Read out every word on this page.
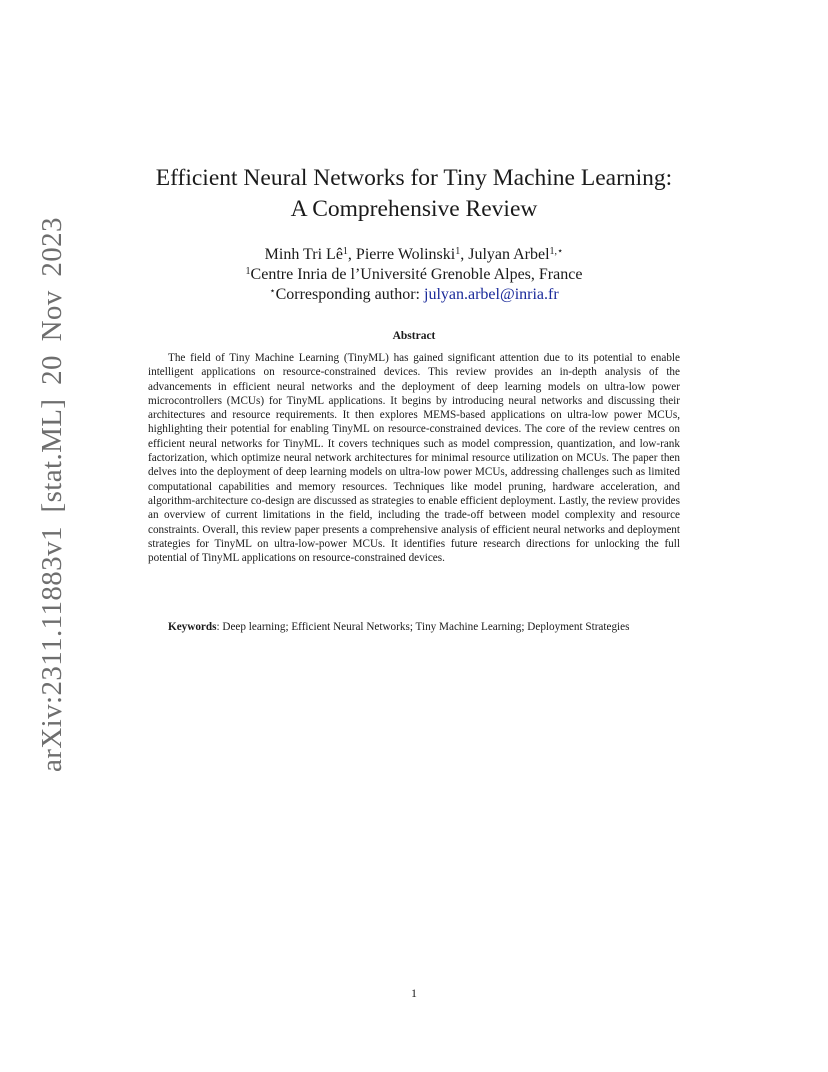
arXiv:2311.11883v1 [stat.ML] 20 Nov 2023
Efficient Neural Networks for Tiny Machine Learning:
A Comprehensive Review
Minh Tri $Lê^1$, Pierre Wolinski$^1$, Julyan Arbel$^{1,⋆}$
$^1$Centre Inria de l’Université Grenoble Alpes, France
⋆Corresponding author: julyan.arbel@inria.fr
Abstract

The field of Tiny Machine Learning (TinyML) has gained significant attention due to its potential to enable intelligent applications on resource-constrained devices. This review provides an in-depth analysis of the advancements in efficient neural networks and the deployment of deep learning models on ultra-low power microcontrollers (MCUs) for TinyML applications. It begins by introducing neural networks and discussing their architectures and resource requirements. It then explores MEMS-based applications on ultra-low power MCUs, highlighting their potential for enabling TinyML on resource-constrained devices. The core of the review centres on efficient neural networks for TinyML. It covers techniques such as model compression, quantization, and low-rank factorization, which optimize neural network architectures for minimal resource utilization on MCUs. The paper then delves into the deployment of deep learning models on ultra-low power MCUs, addressing challenges such as limited computational capabilities and memory resources. Techniques like model pruning, hardware acceleration, and algorithm-architecture co-design are discussed as strategies to enable efficient deployment. Lastly, the review provides an overview of current limitations in the field, including the trade-off between model complexity and resource constraints. Overall, this review paper presents a comprehensive analysis of efficient neural networks and deployment strategies for TinyML on ultra-low-power MCUs. It identifies future research directions for unlocking the full potential of TinyML applications on resource-constrained devices.

Keywords: Deep learning; Efficient Neural Networks; Tiny Machine Learning; Deployment Strategies

1
